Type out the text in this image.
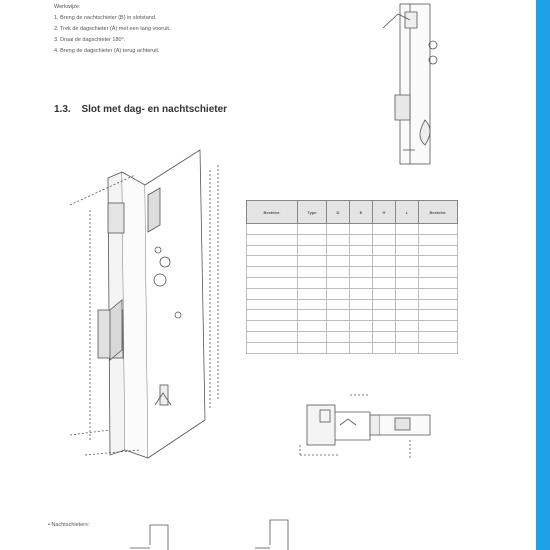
Werkwijze:
1. Breng de nachtschieter (B) in slotstand.
2. Trek de dagschieter (A) met een tang vooruit.
3. Draai de dagschieter 180°.
4. Breng de dagschieter (A) terug achteruit.
1.3. Slot met dag- en nachtschieter
Bestelnr.	Type	D	E	H	L	Bestelnr.

• Nachtschieters:
